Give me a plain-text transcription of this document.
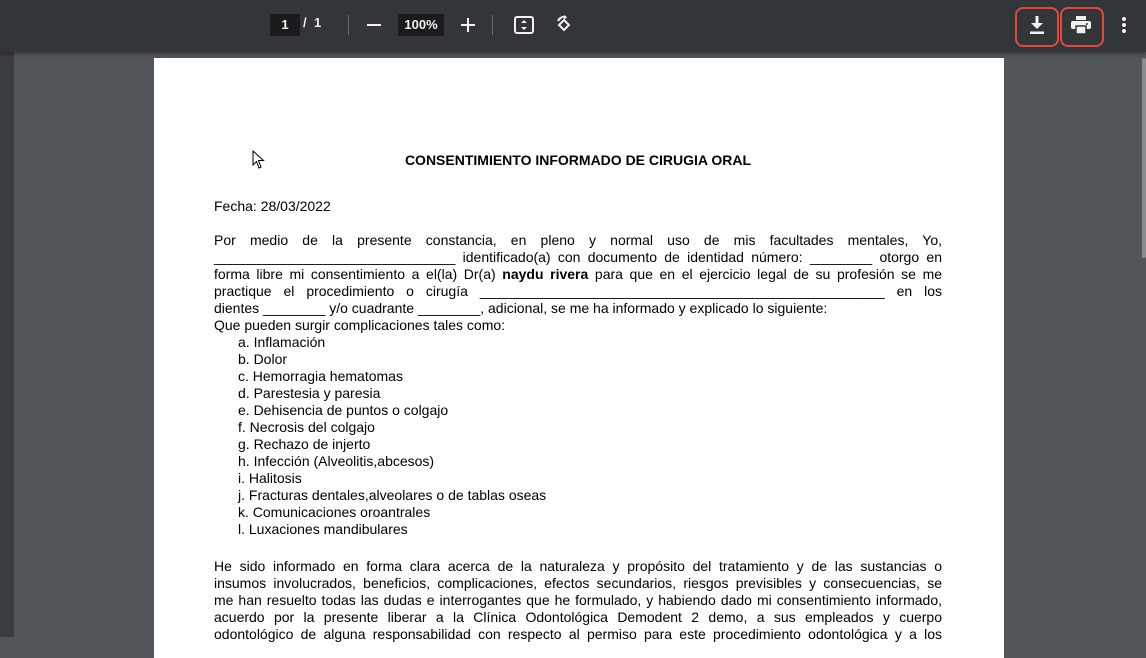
1	/ 1	100%
CONSENTIMIENTO INFORMADO DE CIRUGIA ORAL
Fecha: 28/03/2022
Por medio de la presente constancia, en pleno y normal uso de mis facultades mentales, Yo,
_______________________________ identificado(a) con documento de identidad número: ________ otorgo en
forma libre mi consentimiento a el(la) Dr(a) naydu rivera para que en el ejercicio legal de su profesión se me
practique el procedimiento o cirugía ____________________________________________________ en los
dientes ________ y/o cuadrante ________, adicional, se me ha informado y explicado lo siguiente:
Que pueden surgir complicaciones tales como:
a. Inflamación
b. Dolor
c. Hemorragia hematomas
d. Parestesia y paresia
e. Dehisencia de puntos o colgajo
f. Necrosis del colgajo
g. Rechazo de injerto
h. Infección (Alveolitis,abcesos)
i. Halitosis
j. Fracturas dentales,alveolares o de tablas oseas
k. Comunicaciones oroantrales
l. Luxaciones mandibulares
He sido informado en forma clara acerca de la naturaleza y propósito del tratamiento y de las sustancias o
insumos involucrados, beneficios, complicaciones, efectos secundarios, riesgos previsibles y consecuencias, se
me han resuelto todas las dudas e interrogantes que he formulado, y habiendo dado mi consentimiento informado,
acuerdo por la presente liberar a la Clínica Odontológica Demodent 2 demo, a sus empleados y cuerpo
odontológico de alguna responsabilidad con respecto al permiso para este procedimiento odontológica y a los
